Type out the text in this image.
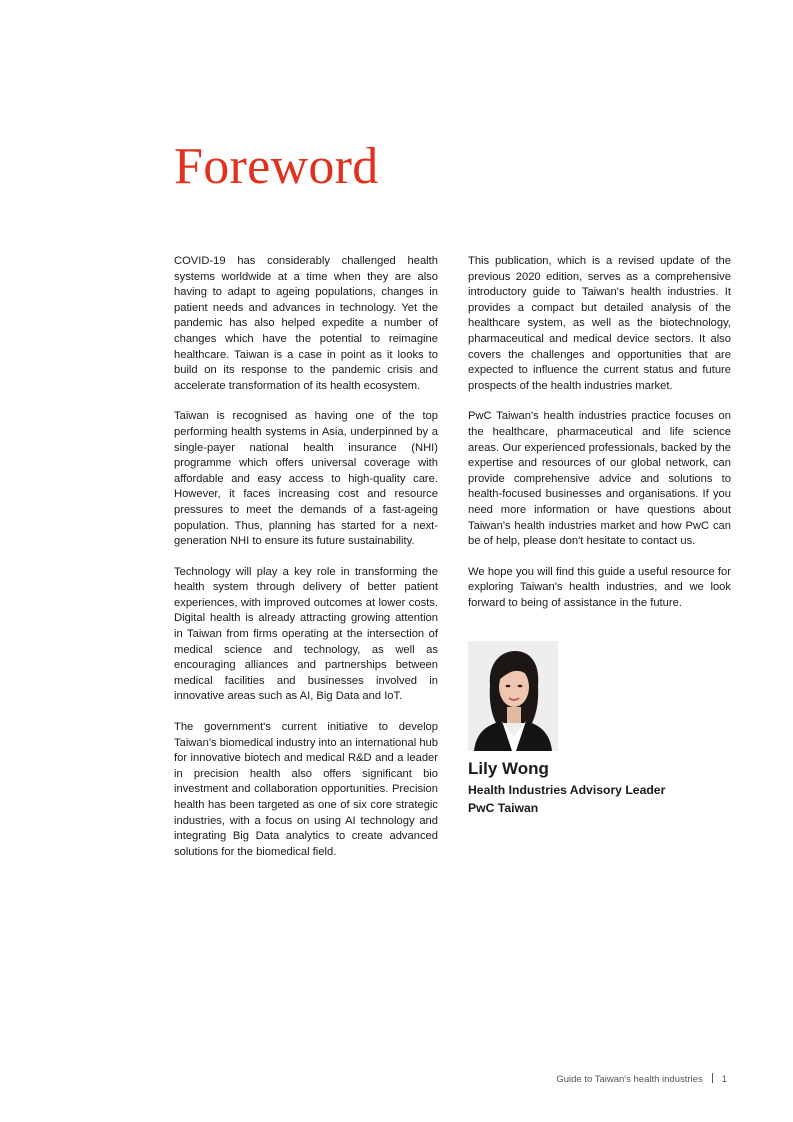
Foreword

COVID-19 has considerably challenged health systems worldwide at a time when they are also having to adapt to ageing populations, changes in patient needs and advances in technology. Yet the pandemic has also helped expedite a number of changes which have the potential to reimagine healthcare. Taiwan is a case in point as it looks to build on its response to the pandemic crisis and accelerate transformation of its health ecosystem.

Taiwan is recognised as having one of the top performing health systems in Asia, underpinned by a single-payer national health insurance (NHI) programme which offers universal coverage with affordable and easy access to high-quality care. However, it faces increasing cost and resource pressures to meet the demands of a fast-ageing population. Thus, planning has started for a next-generation NHI to ensure its future sustainability.

Technology will play a key role in transforming the health system through delivery of better patient experiences, with improved outcomes at lower costs. Digital health is already attracting growing attention in Taiwan from firms operating at the intersection of medical science and technology, as well as encouraging alliances and partnerships between medical facilities and businesses involved in innovative areas such as AI, Big Data and IoT.

The government's current initiative to develop Taiwan's biomedical industry into an international hub for innovative biotech and medical R&D and a leader in precision health also offers significant bio investment and collaboration opportunities. Precision health has been targeted as one of six core strategic industries, with a focus on using AI technology and integrating Big Data analytics to create advanced solutions for the biomedical field.

This publication, which is a revised update of the previous 2020 edition, serves as a comprehensive introductory guide to Taiwan's health industries. It provides a compact but detailed analysis of the healthcare system, as well as the biotechnology, pharmaceutical and medical device sectors. It also covers the challenges and opportunities that are expected to influence the current status and future prospects of the health industries market.

PwC Taiwan's health industries practice focuses on the healthcare, pharmaceutical and life science areas. Our experienced professionals, backed by the expertise and resources of our global network, can provide comprehensive advice and solutions to health-focused businesses and organisations. If you need more information or have questions about Taiwan's health industries market and how PwC can be of help, please don't hesitate to contact us.

We hope you will find this guide a useful resource for exploring Taiwan's health industries, and we look forward to being of assistance in the future.

Lily Wong

Health Industries Advisory Leader

PwC Taiwan

Guide to Taiwan's health industries 1
